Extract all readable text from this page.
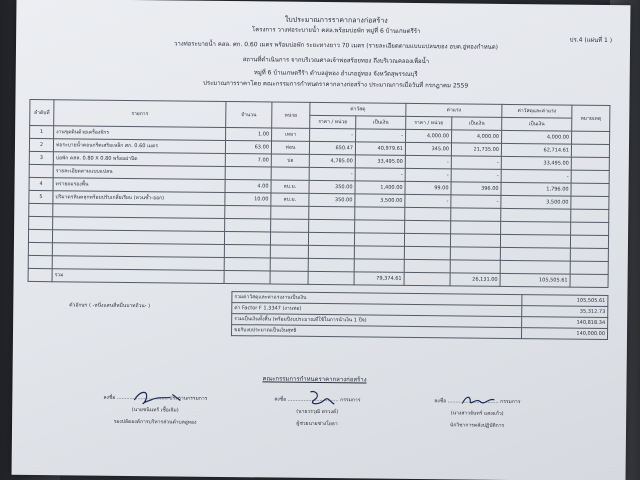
ปร.4 (แผ่นที่ 1 )
ใบประมาณการราคากลางก่อสร้าง
โครงการ วางท่อระบายน้ำ คสล.พร้อมบ่อพัก หมู่ที่ 6 บ้านเกษตรีร้า
วางท่อระบายน้ำ คสล. ศก. 0.60 เมตร พร้อมบ่อพัก ระยะทางยาว 70 เมตร (รายละเอียดตามแบบแปลนของ อบต.อู่ทองกำหนด)
สถานที่ดำเนินการ จากบริเวณศาลเจ้าพ่อสร้อยทอง ถึงบริเวณคลองเพื่อน้ำ
หมู่ที่ 6 บ้านเกษตรีร้า ตำบลอู่ทอง อำเภออู่ทอง จังหวัดสุพรรณบุรี
ประมาณการราคาโดย คณะกรรมการกำหนดราคากลางก่อสร้าง ประมาณการเมื่อวันที่ กรกฎาคม 2559
ลำดับที่	รายการ	จำนวน	หน่วย	ค่าวัสดุ		ค่าแรง		ค่าวัสดุและค่าแรง	หมายเหตุ
				ราคา / หน่วย	เป็นเงิน	ราคา / หน่วย	เป็นเงิน	เป็นเงิน	
1	งานขุดดินด้วยเครื่องจักร	1.00	เหมา	-	-	4,000.00	4,000.00	4,000.00	
2	ท่อระบายน้ำคอนกรีตเสริมเหล็ก ศก. 0.60 เมตร	63.00	ท่อน	650.47	40,979.61	345.00	21,735.00	62,714.61	
3	บ่อพัก คสล. 0.80 X 0.80 พร้อมฝาปิด	7.00	บ่อ	4,785.00	33,495.00	-	-	33,495.00	
	รายละเอียดตามแบบแปลน			-	-	-	-	-	
4	ทรายถมรองพื้น	4.00	ลบ.ม.	350.00	1,400.00	99.00	396.00	1,796.00	
5	ปริมาตรหินคลุกพร้อมปรับเกลี่ยเรียบ (หวนซ้ำ-ออก)	10.00	ลบ.ม.	350.00	3,500.00	-	-	3,500.00	

	รวม				79,374.61		26,131.00	105,505.61	
ตัวอักษร ( -หนึ่งแสนสี่หมื่นบาทถ้วน- )
รวมค่าวัสดุและค่าแรงงานเป็นเงิน	105,505.61
ค่า Factor F 1.3347 (งานท่อ)	35,312.73
รวมเป็นเงินทั้งสิ้น (พร้อมปีงบประมาณที่ใช้ในการนำเงิน 1 ปีจ)	140,818.34
ขอรับงบประมาณเป็นเงินสุทธิ	140,000.00
คณะกรรมการกำหนดราคากลางก่อสร้าง
ลงชื่อ ................................ ประธานกรรมการ
(นายชนินทร์ เชื้อเจิม)
รองปลัดองค์การบริหารส่วนตำบลอู่ทอง
ลงชื่อ ................................ กรรมการ
(นายวรวุฒิ ตรวงค์)
ผู้ช่วยนายช่างโยธา
ลงชื่อ ................................ กรรมการ
(นางสาวจันทร์ แสงแก้ว)
นักวิชาการคลังปฏิบัติการ
